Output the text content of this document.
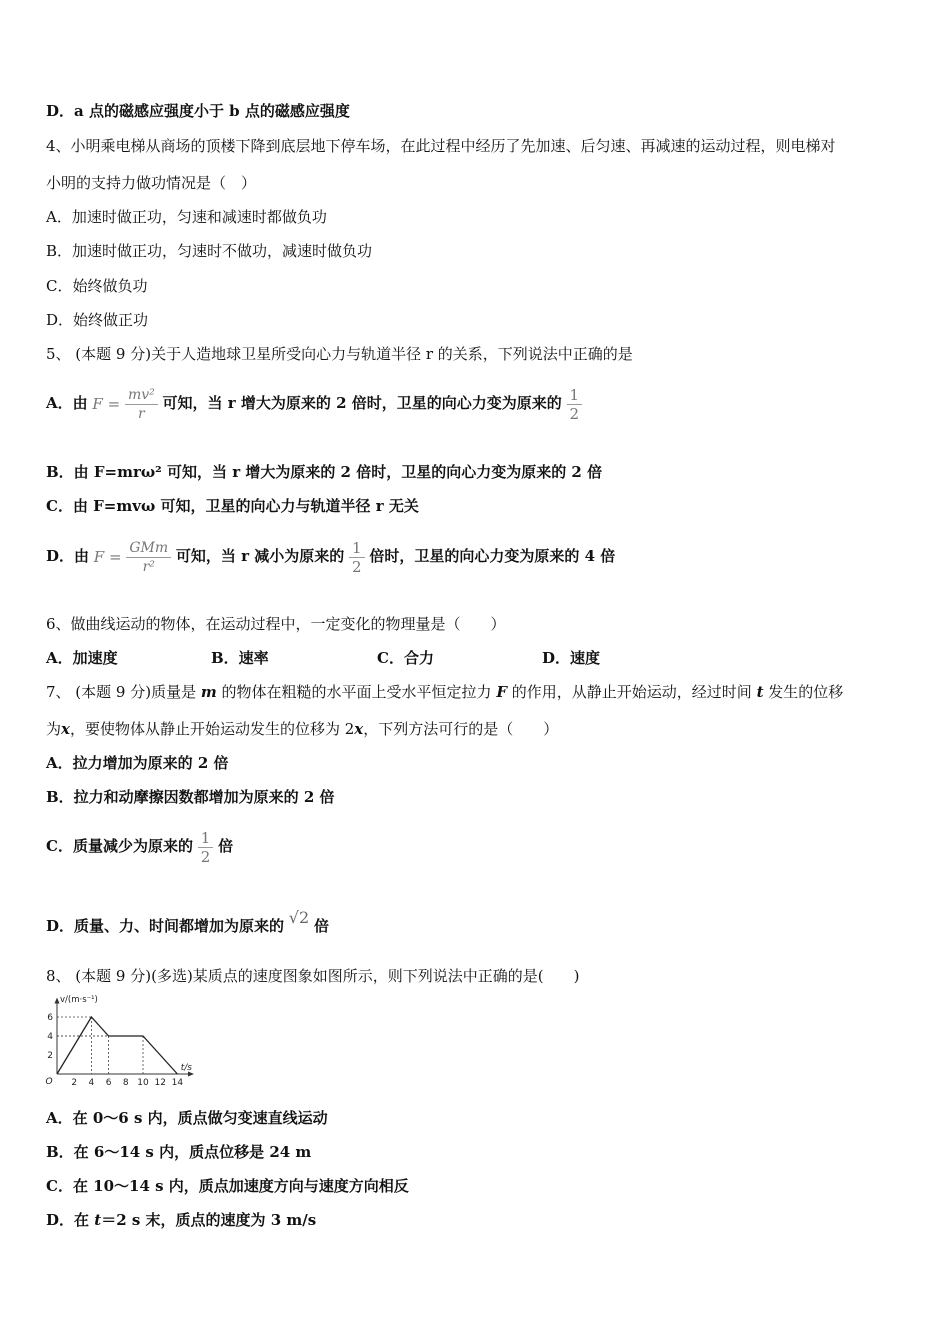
D．a 点的磁感应强度小于 b 点的磁感应强度
4、小明乘电梯从商场的顶楼下降到底层地下停车场，在此过程中经历了先加速、后匀速、再减速的运动过程，则电梯对
小明的支持力做功情况是（　）
A．加速时做正功，匀速和减速时都做负功
B．加速时做正功，匀速时不做功，减速时做负功
C．始终做负功
D．始终做正功
5、 (本题 9 分)关于人造地球卫星所受向心力与轨道半径 r 的关系，下列说法中正确的是
A．由 $F = \frac{\text{mv²}}{r}$ 可知，当 r 增大为原来的 2 倍时，卫星的向心力变为原来的 $\frac{1}{2}$
B．由 F=mrω² 可知，当 r 增大为原来的 2 倍时，卫星的向心力变为原来的 2 倍
C．由 F=mvω 可知，卫星的向心力与轨道半径 r 无关
D．由 $F = \frac{\text{GMm}}{\text{r²}}$ 可知，当 r 减小为原来的 $\frac{1}{2}$ 倍时，卫星的向心力变为原来的 4 倍
6、做曲线运动的物体，在运动过程中，一定变化的物理量是（　　）
A．加速度	B．速率	C．合力	D．速度
7、 (本题 9 分)质量是 m 的物体在粗糙的水平面上受水平恒定拉力 F 的作用，从静止开始运动，经过时间 t 发生的位移
为x，要使物体从静止开始运动发生的位移为 2x，下列方法可行的是（　　）
A．拉力增加为原来的 2 倍
B．拉力和动摩擦因数都增加为原来的 2 倍
C．质量减少为原来的 $\frac{1}{2}$ 倍
D．质量、力、时间都增加为原来的 √2 倍
8、 (本题 9 分)(多选)某质点的速度图象如图所示，则下列说法中正确的是(　　)
2 4 6 8 10 12 14
2
4
6
O
v/(m·s⁻¹)
t/s
A．在 0～6 s 内，质点做匀变速直线运动
B．在 6～14 s 内，质点位移是 24 m
C．在 10～14 s 内，质点加速度方向与速度方向相反
D．在 t＝2 s 末，质点的速度为 3 m/s
